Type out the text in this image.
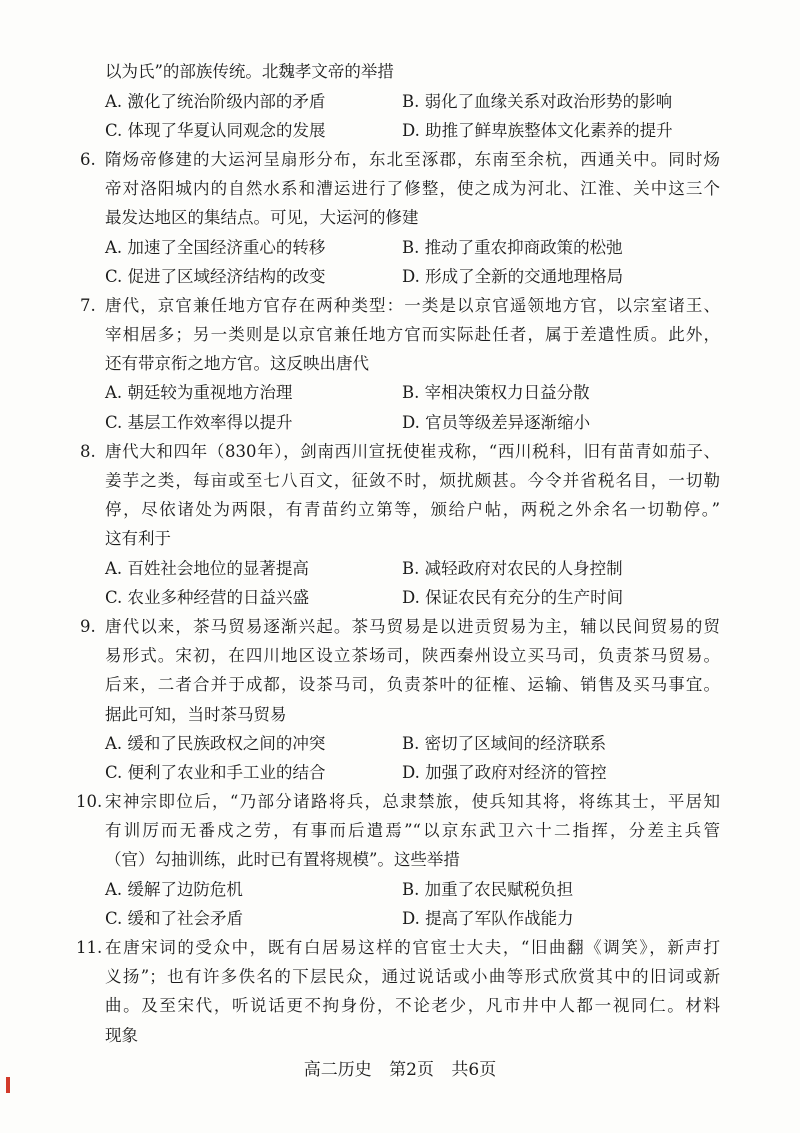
以为氏”的部族传统。北魏孝文帝的举措
A. 激化了统治阶级内部的矛盾	B. 弱化了血缘关系对政治形势的影响
C. 体现了华夏认同观念的发展	D. 助推了鲜卑族整体文化素养的提升
6. 隋炀帝修建的大运河呈扇形分布，东北至涿郡，东南至余杭，西通关中。同时炀
帝对洛阳城内的自然水系和漕运进行了修整，使之成为河北、江淮、关中这三个
最发达地区的集结点。可见，大运河的修建
A. 加速了全国经济重心的转移	B. 推动了重农抑商政策的松弛
C. 促进了区域经济结构的改变	D. 形成了全新的交通地理格局
7. 唐代，京官兼任地方官存在两种类型：一类是以京官遥领地方官，以宗室诸王、
宰相居多；另一类则是以京官兼任地方官而实际赴任者，属于差遣性质。此外，
还有带京衔之地方官。这反映出唐代
A. 朝廷较为重视地方治理	B. 宰相决策权力日益分散
C. 基层工作效率得以提升	D. 官员等级差异逐渐缩小
8. 唐代大和四年（830年），剑南西川宣抚使崔戎称，“西川税科，旧有苗青如茄子、
姜芋之类，每亩或至七八百文，征敛不时，烦扰颇甚。今令并省税名目，一切勒
停，尽依诸处为两限，有青苗约立第等，颁给户帖，两税之外余名一切勒停。”
这有利于
A. 百姓社会地位的显著提高	B. 减轻政府对农民的人身控制
C. 农业多种经营的日益兴盛	D. 保证农民有充分的生产时间
9. 唐代以来，茶马贸易逐渐兴起。茶马贸易是以进贡贸易为主，辅以民间贸易的贸
易形式。宋初，在四川地区设立茶场司，陕西秦州设立买马司，负责茶马贸易。
后来，二者合并于成都，设茶马司，负责茶叶的征榷、运输、销售及买马事宜。
据此可知，当时茶马贸易
A. 缓和了民族政权之间的冲突	B. 密切了区域间的经济联系
C. 便利了农业和手工业的结合	D. 加强了政府对经济的管控
10. 宋神宗即位后，“乃部分诸路将兵，总隶禁旅，使兵知其将，将练其士，平居知
有训厉而无番戍之劳，有事而后遣焉”“以京东武卫六十二指挥，分差主兵管
（官）勾抽训练，此时已有置将规模”。这些举措
A. 缓解了边防危机	B. 加重了农民赋税负担
C. 缓和了社会矛盾	D. 提高了军队作战能力
11. 在唐宋词的受众中，既有白居易这样的官宦士大夫，“旧曲翻《调笑》，新声打
义扬”；也有许多佚名的下层民众，通过说话或小曲等形式欣赏其中的旧词或新
曲。及至宋代，听说话更不拘身份，不论老少，凡市井中人都一视同仁。材料
现象
高二历史 第2页 共6页
